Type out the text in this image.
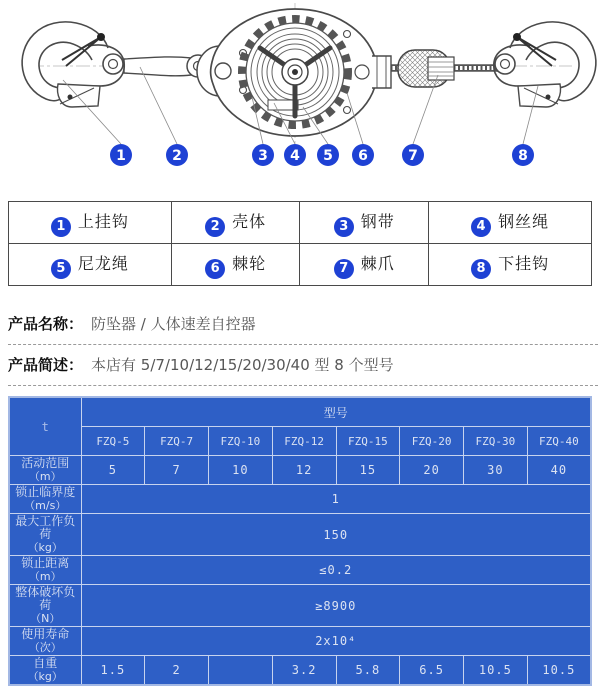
1	2	3 4 5 6	7	8
1 上挂钩	2 壳体	3 钢带	4 钢丝绳
5 尼龙绳	6 棘轮	7 棘爪	8 下挂钩
产品名称： 防坠器 / 人体速差自控器
产品简述： 本店有 5/7/10/12/15/20/30/40 型 8 个型号
t	型号							
	FZQ-5	FZQ-7	FZQ-10	FZQ-12	FZQ-15	FZQ-20	FZQ-30	FZQ-40

活动范围
（m）	5	7	10	12	15	20	30	40

锁止临界度
（m/s）	1							

最大工作负荷
（kg）	150							

锁止距离
（m）	≤0.2							

整体破坏负荷
（N）	≥8900							

使用寿命
（次）	2x10⁴							

自重
（kg）	1.5	2		3.2	5.8	6.5	10.5	10.5
